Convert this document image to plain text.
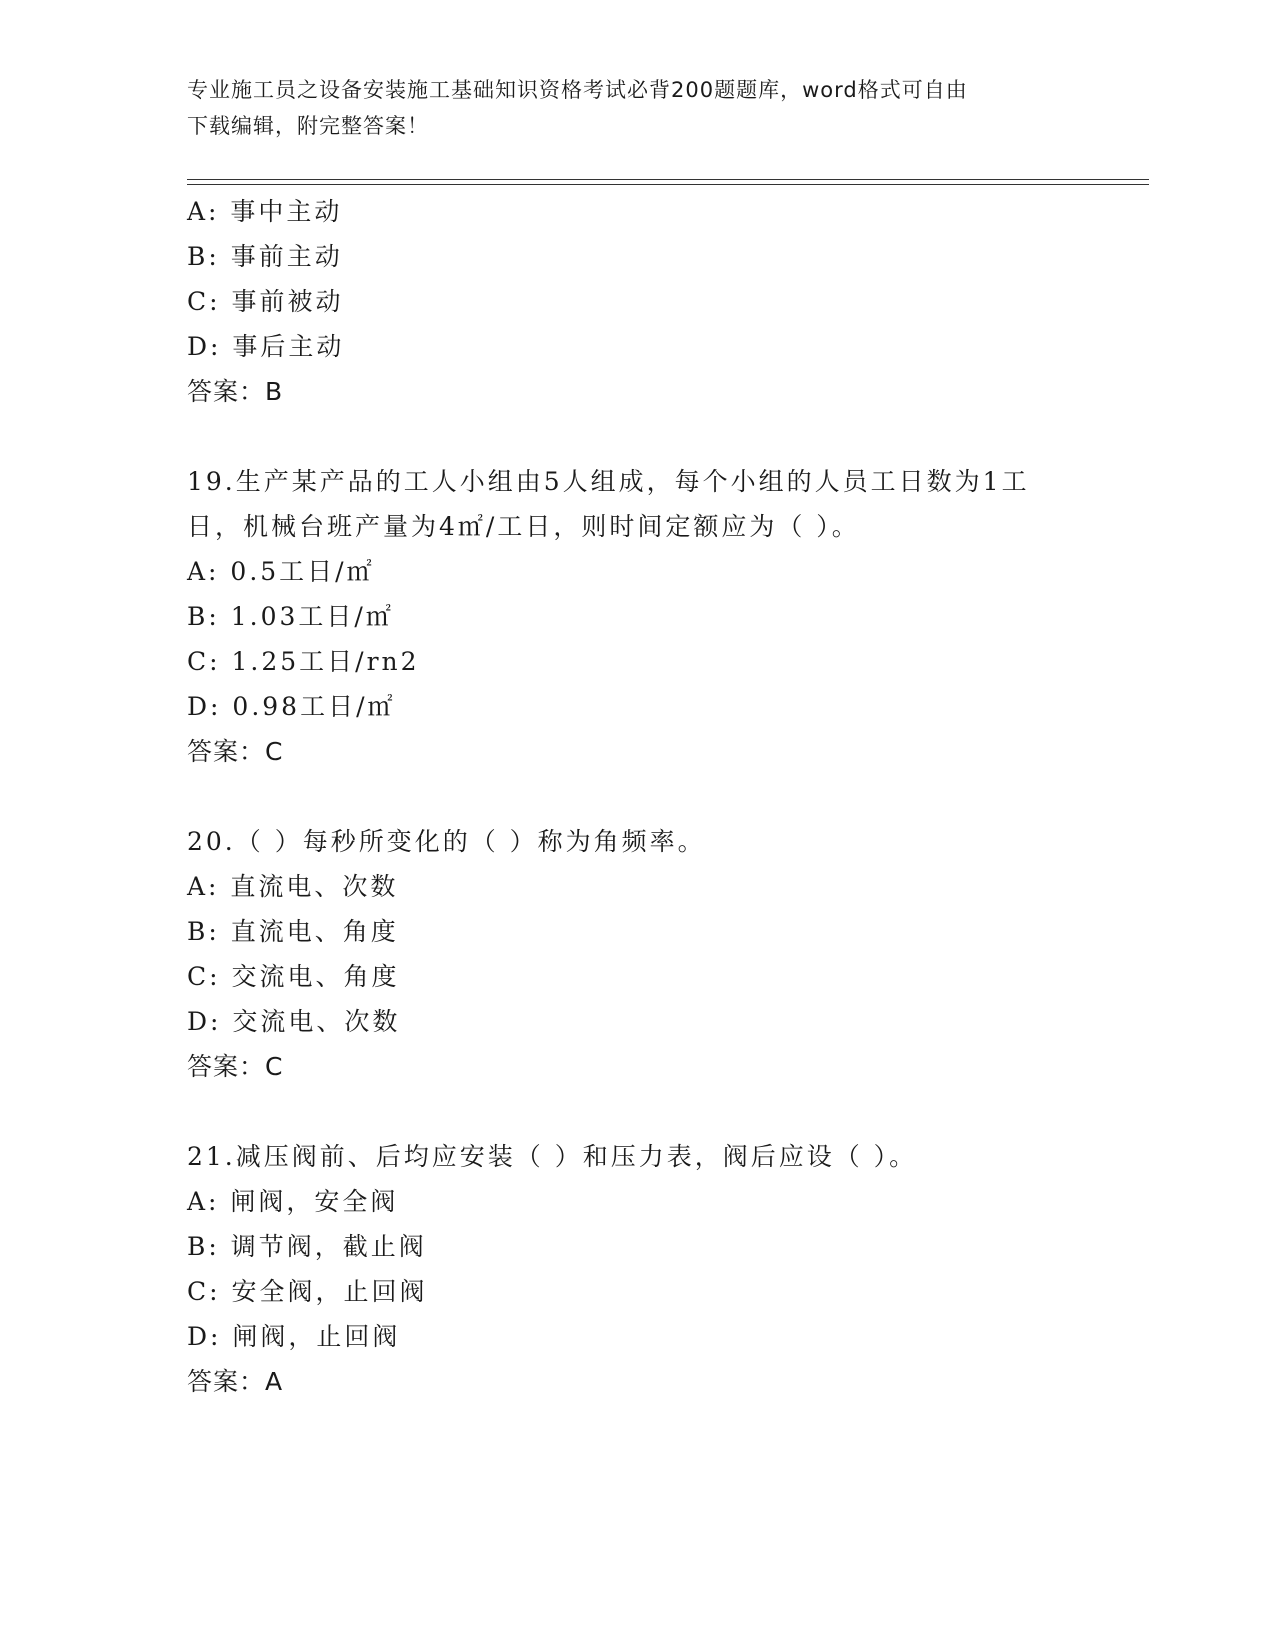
专业施工员之设备安装施工基础知识资格考试必背200题题库，word格式可自由
下载编辑，附完整答案！
A: 事中主动
B: 事前主动
C: 事前被动
D: 事后主动
答案：B
19.生产某产品的工人小组由5人组成，每个小组的人员工日数为1工
日，机械台班产量为4㎡/工日，则时间定额应为（ ）。
A: 0.5工日/㎡
B: 1.03工日/㎡
C: 1.25工日/rn2
D: 0.98工日/㎡
答案：C
20.（ ）每秒所变化的（ ）称为角频率。
A: 直流电、次数
B: 直流电、角度
C: 交流电、角度
D: 交流电、次数
答案：C
21.减压阀前、后均应安装（ ）和压力表，阀后应设（ ）。
A: 闸阀，安全阀
B: 调节阀，截止阀
C: 安全阀，止回阀
D: 闸阀，止回阀
答案：A
